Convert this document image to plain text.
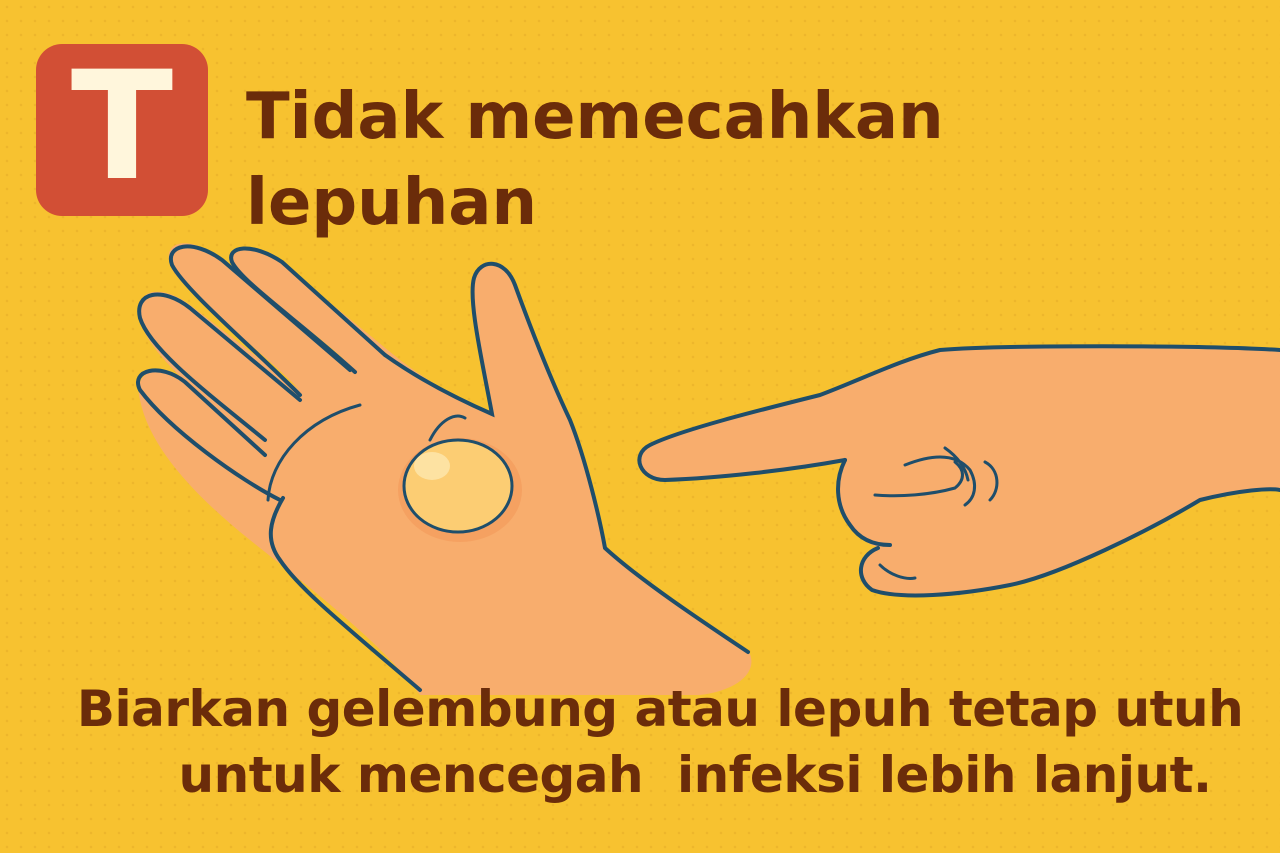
T Tidak memecahkan
lepuhan
Biarkan gelembung atau lepuh tetap utuh
untuk mencegah  infeksi lebih lanjut.
